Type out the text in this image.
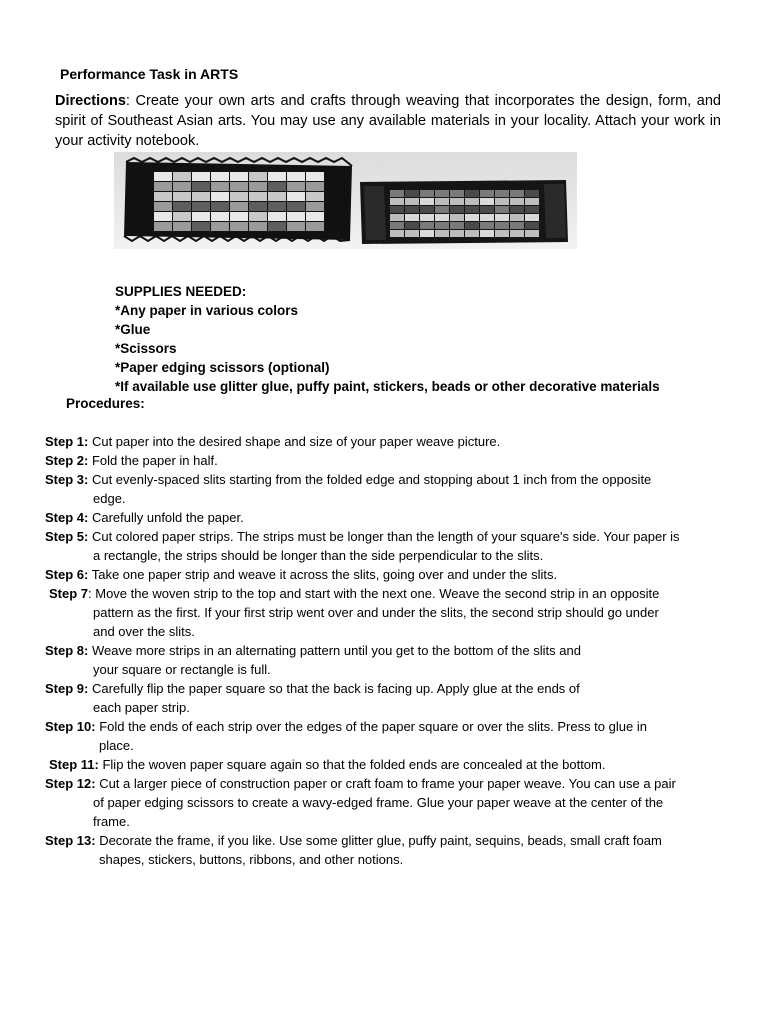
Performance Task in ARTS
Directions: Create your own arts and crafts through weaving that incorporates the design, form, and spirit of Southeast Asian arts. You may use any available materials in your locality. Attach your work in your activity notebook.
SUPPLIES NEEDED:
*Any paper in various colors
*Glue
*Scissors
*Paper edging scissors (optional)
*If available use glitter glue, puffy paint, stickers, beads or other decorative materials
Procedures:
Step 1: Cut paper into the desired shape and size of your paper weave picture.
Step 2: Fold the paper in half.
Step 3: Cut evenly-spaced slits starting from the folded edge and stopping about 1 inch from the opposite
edge.
Step 4: Carefully unfold the paper.
Step 5: Cut colored paper strips. The strips must be longer than the length of your square's side. Your paper is
a rectangle, the strips should be longer than the side perpendicular to the slits.
Step 6: Take one paper strip and weave it across the slits, going over and under the slits.
Step 7: Move the woven strip to the top and start with the next one. Weave the second strip in an opposite
pattern as the first. If your first strip went over and under the slits, the second strip should go under
and over the slits.
Step 8: Weave more strips in an alternating pattern until you get to the bottom of the slits and
your square or rectangle is full.
Step 9: Carefully flip the paper square so that the back is facing up. Apply glue at the ends of
each paper strip.
Step 10: Fold the ends of each strip over the edges of the paper square or over the slits. Press to glue in
place.
Step 11: Flip the woven paper square again so that the folded ends are concealed at the bottom.
Step 12: Cut a larger piece of construction paper or craft foam to frame your paper weave. You can use a pair
of paper edging scissors to create a wavy-edged frame. Glue your paper weave at the center of the
frame.
Step 13: Decorate the frame, if you like. Use some glitter glue, puffy paint, sequins, beads, small craft foam
shapes, stickers, buttons, ribbons, and other notions.
